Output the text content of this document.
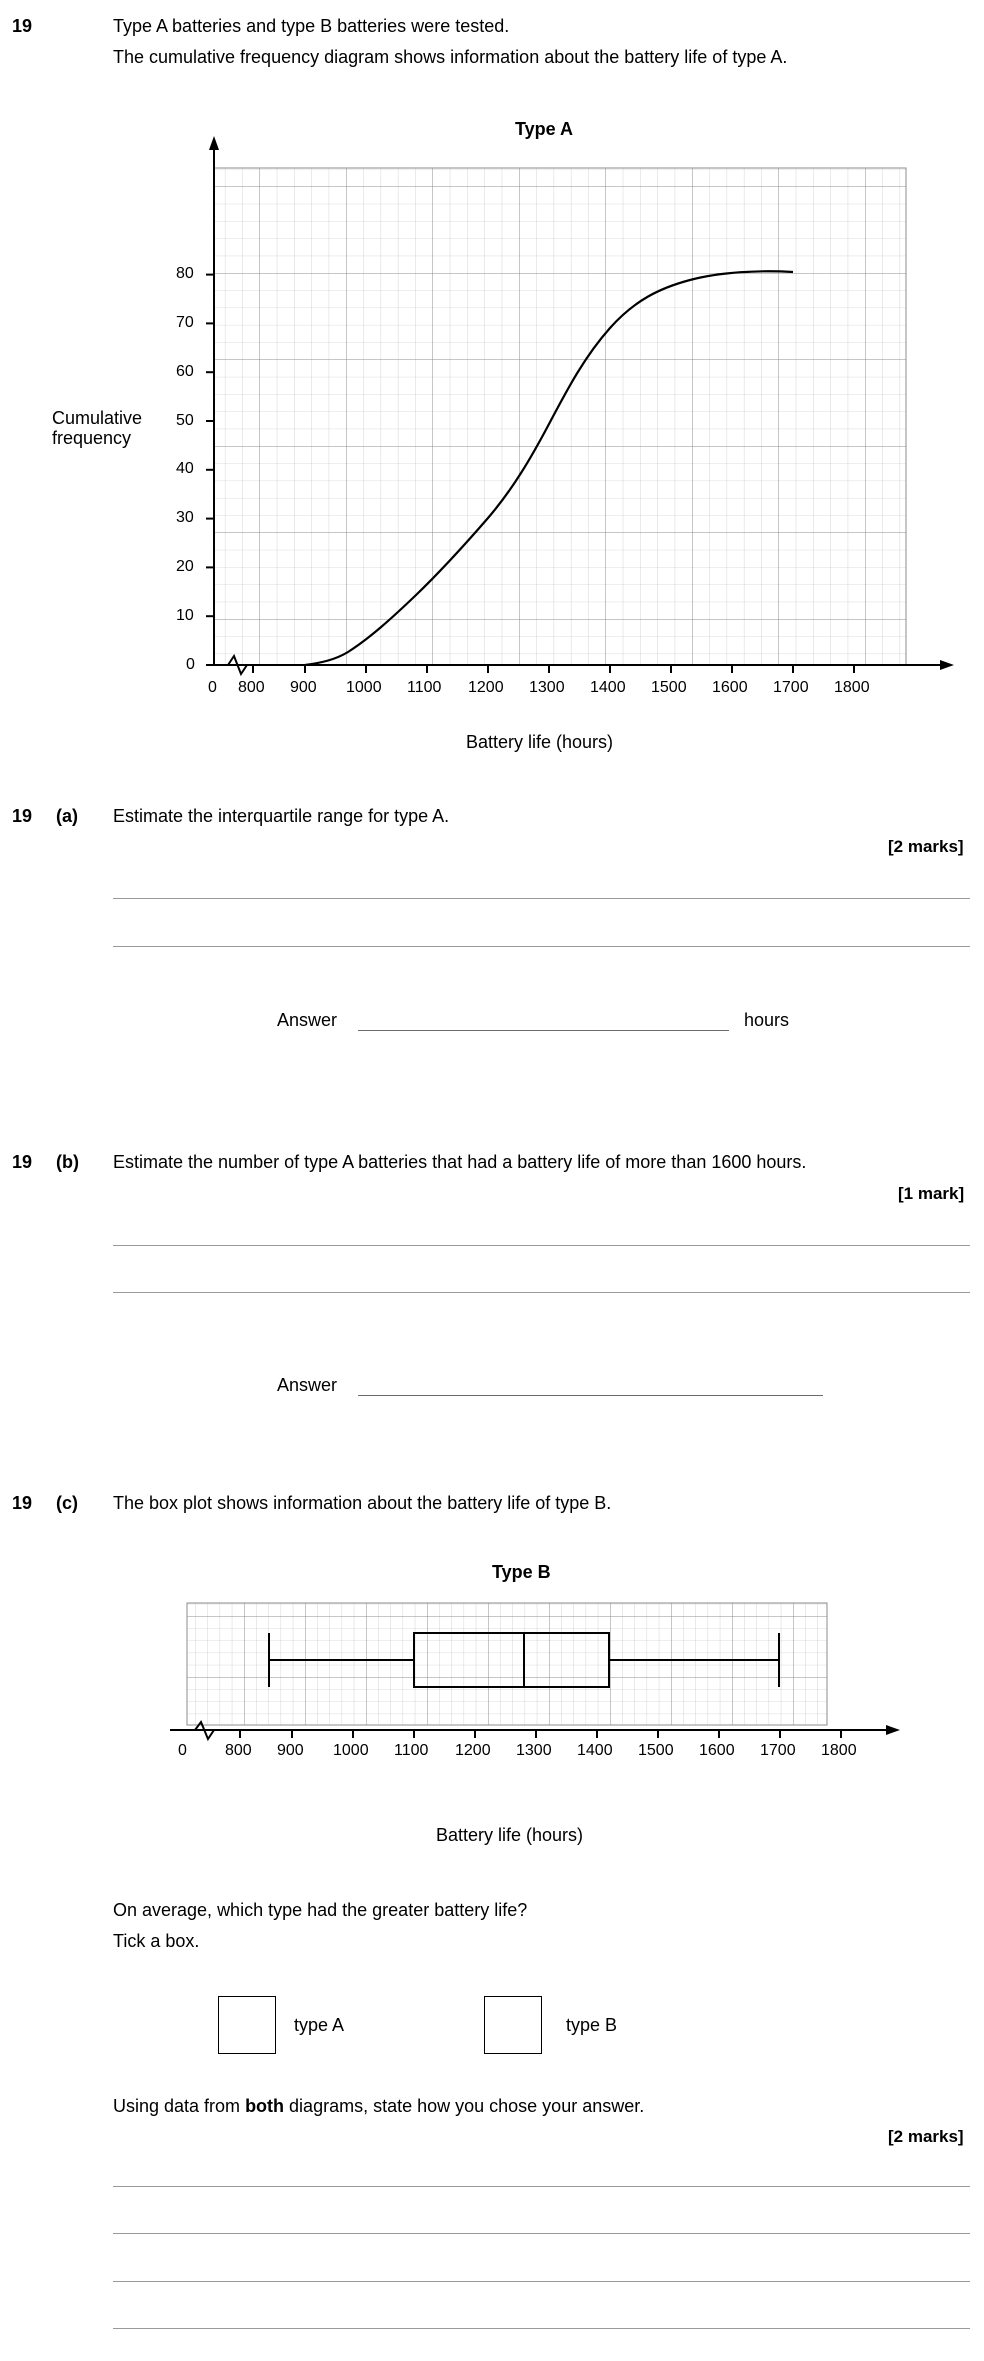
19	Type A batteries and type B batteries were tested.
The cumulative frequency diagram shows information about the battery life of type A.
Type A
Cumulative
frequency
0
10
20
30
40
50
60
70
80
0 800 900 1000 1100 1200 1300 1400 1500 1600 1700 1800
Battery life (hours)
19 (a) Estimate the interquartile range for type A.
[2 marks]
Answer	hours
19 (b) Estimate the number of type A batteries that had a battery life of more than 1600 hours.
[1 mark]
Answer
19 (c) The box plot shows information about the battery life of type B.
Type B
0 800 900 1000 1100 1200 1300 1400 1500 1600 1700 1800
Battery life (hours)
On average, which type had the greater battery life?
Tick a box.
type A	type B
Using data from both diagrams, state how you chose your answer.
[2 marks]
